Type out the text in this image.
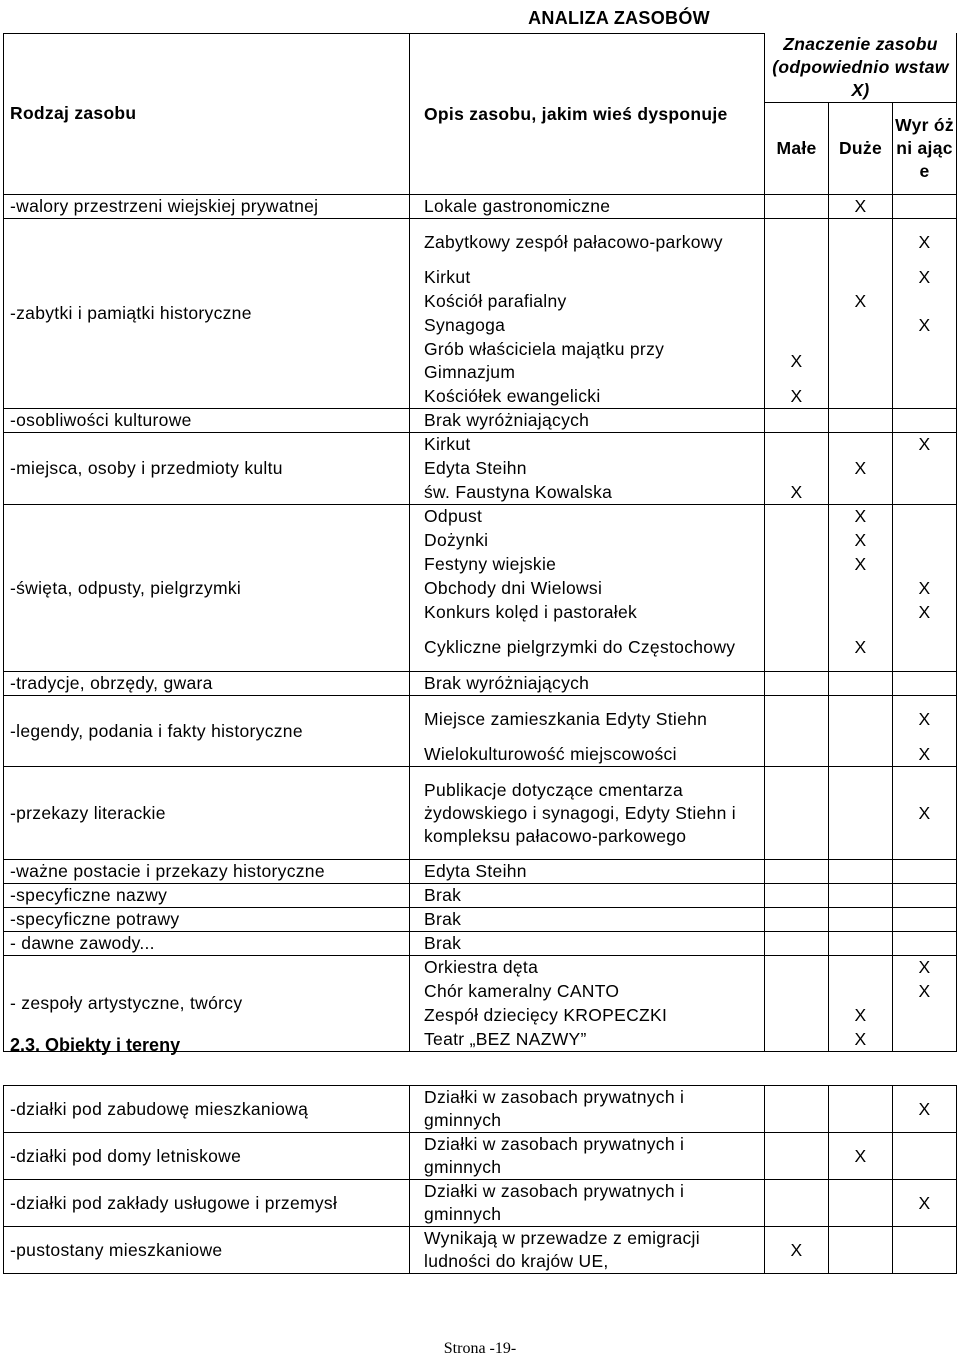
	ANALIZA ZASOBÓW			
Rodzaj zasobu	Opis zasobu, jakim wieś dysponuje	Znaczenie zasobu (odpowiednio wstaw X)		
		Małe	Duże	Wyr óżni ając e
-walory przestrzeni wiejskiej prywatnej	Lokale gastronomiczne		X	
-zabytki i pamiątki historyczne	Zabytkowy zespół pałacowo-parkowy			X
	Kirkut			X
	Kościół parafialny		X	
	Synagoga			X
	Grób właściciela majątku przy Gimnazjum	X		
	Kościółek ewangelicki	X		
-osobliwości kulturowe	Brak wyróżniających			
-miejsca, osoby i przedmioty kultu	Kirkut			X
	Edyta Steihn		X	
	św. Faustyna Kowalska	X		
-święta, odpusty, pielgrzymki	Odpust		X	
	Dożynki		X	
	Festyny wiejskie		X	
	Obchody dni Wielowsi			X
	Konkurs kolęd i pastorałek			X
	Cykliczne pielgrzymki do Częstochowy		X	
-tradycje, obrzędy, gwara	Brak wyróżniających			
-legendy, podania i fakty historyczne	Miejsce zamieszkania Edyty Stiehn			X
	Wielokulturowość miejscowości			X
-przekazy literackie	Publikacje dotyczące cmentarza żydowskiego i synagogi, Edyty Stiehn i kompleksu pałacowo-parkowego			X
-ważne postacie i przekazy historyczne	Edyta Steihn			
-specyficzne nazwy	Brak			
-specyficzne potrawy	Brak			
- dawne zawody...	Brak			
- zespoły artystyczne, twórcy	Orkiestra dęta			X
	Chór kameralny CANTO			X
	Zespół dziecięcy KROPECZKI		X	
	Teatr „BEZ NAZWY”		X	
2.3. Obiekty i tereny
-działki pod zabudowę mieszkaniową	Działki w zasobach prywatnych i gminnych			X
-działki pod domy letniskowe	Działki w zasobach prywatnych i gminnych		X	
-działki pod zakłady usługowe i przemysł	Działki w zasobach prywatnych i gminnych			X
-pustostany mieszkaniowe	Wynikają w przewadze z emigracji ludności do krajów UE,	X		
Strona -19-
